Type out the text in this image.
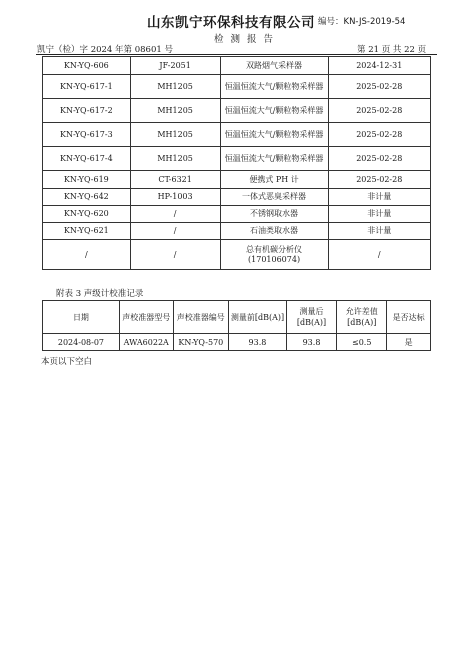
山东凯宁环保科技有限公司 编号：KN-JS-2019-54
检 测 报 告
凯宁（检）字 2024 年第 08601 号	第 21 页 共 22 页
KN-YQ-606	JF-2051	双路烟气采样器	2024-12-31
KN-YQ-617-1	MH1205	恒温恒流大气/颗粒物采样器	2025-02-28
KN-YQ-617-2	MH1205	恒温恒流大气/颗粒物采样器	2025-02-28
KN-YQ-617-3	MH1205	恒温恒流大气/颗粒物采样器	2025-02-28
KN-YQ-617-4	MH1205	恒温恒流大气/颗粒物采样器	2025-02-28
KN-YQ-619	CT-6321	便携式 PH 计	2025-02-28
KN-YQ-642	HP-1003	一体式恶臭采样器	非计量
KN-YQ-620	/	不锈钢取水器	非计量
KN-YQ-621	/	石油类取水器	非计量
/	/	总有机碳分析仪 (170106074)	/
附表 3 声级计校准记录
日期	声校准器型号	声校准器编号	测量前[dB(A)]	测量后[dB(A)]	允许差值[dB(A)]	是否达标
2024-08-07	AWA6022A	KN-YQ-570	93.8	93.8	≤0.5	是
本页以下空白
